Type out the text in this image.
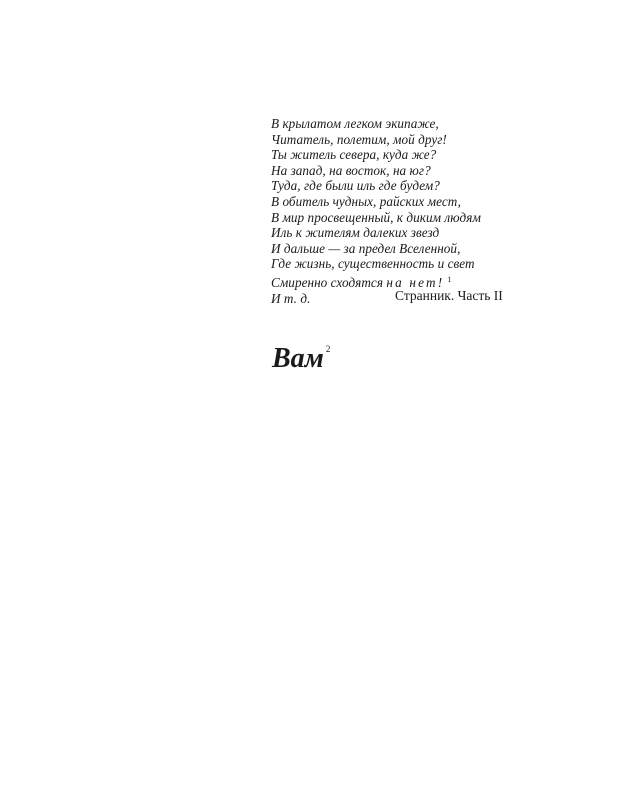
В крылатом легком экипаже,
Читатель, полетим, мой друг!
Ты житель севера, куда же?
На запад, на восток, на юг?
Туда, где были иль где будем?
В обитель чудных, райских мест,
В мир просвещенный, к диким людям
Иль к жителям далеких звезд
И дальше — за предел Вселенной,
Где жизнь, существенность и свет
Смиренно сходятся на нет! $^1$
И т. д.	Странник. Часть II
Вам $^2$
